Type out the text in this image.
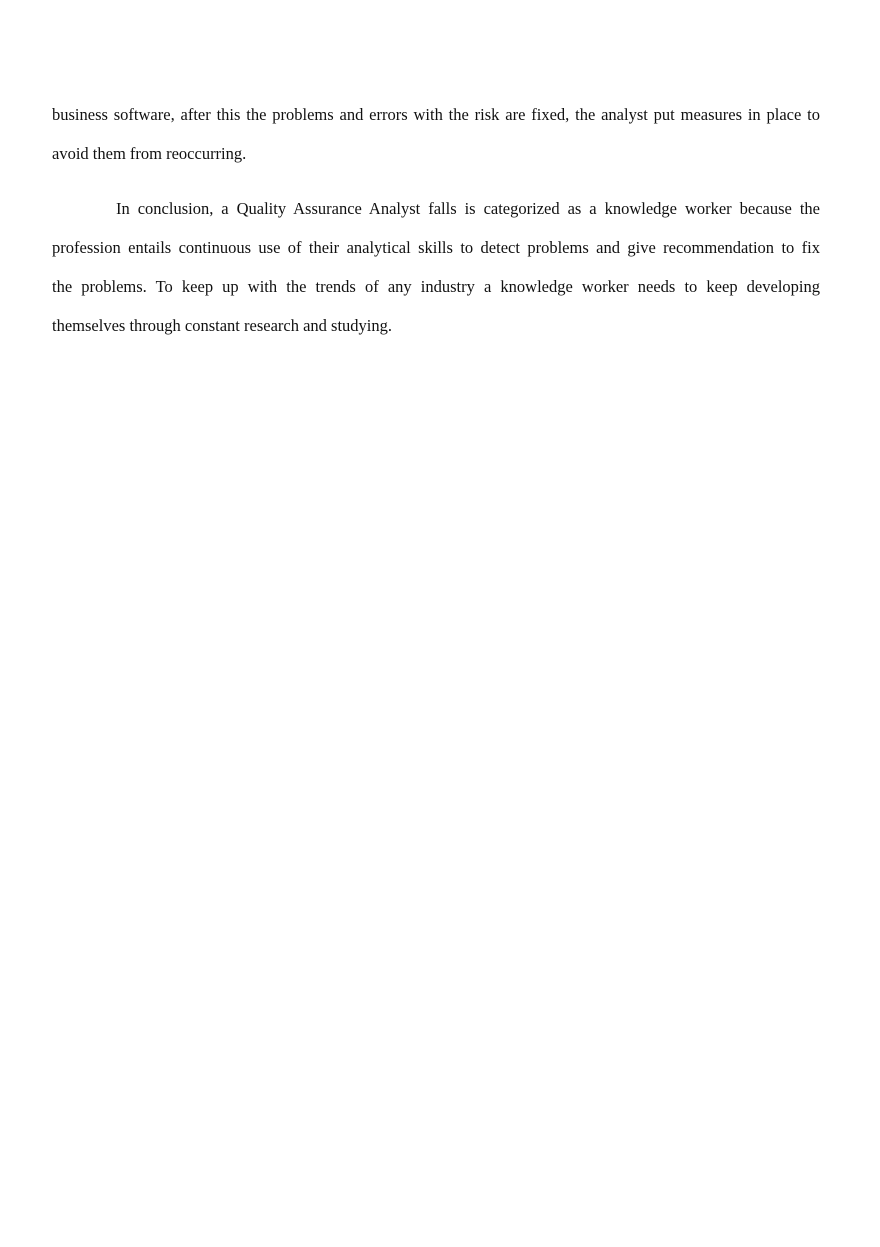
business software, after this the problems and errors with the risk are fixed, the analyst put measures in place to
avoid them from reoccurring.
In conclusion, a Quality Assurance Analyst falls is categorized as a knowledge worker because the
profession entails continuous use of their analytical skills to detect problems and give recommendation to fix
the problems. To keep up with the trends of any industry a knowledge worker needs to keep developing
themselves through constant research and studying.
